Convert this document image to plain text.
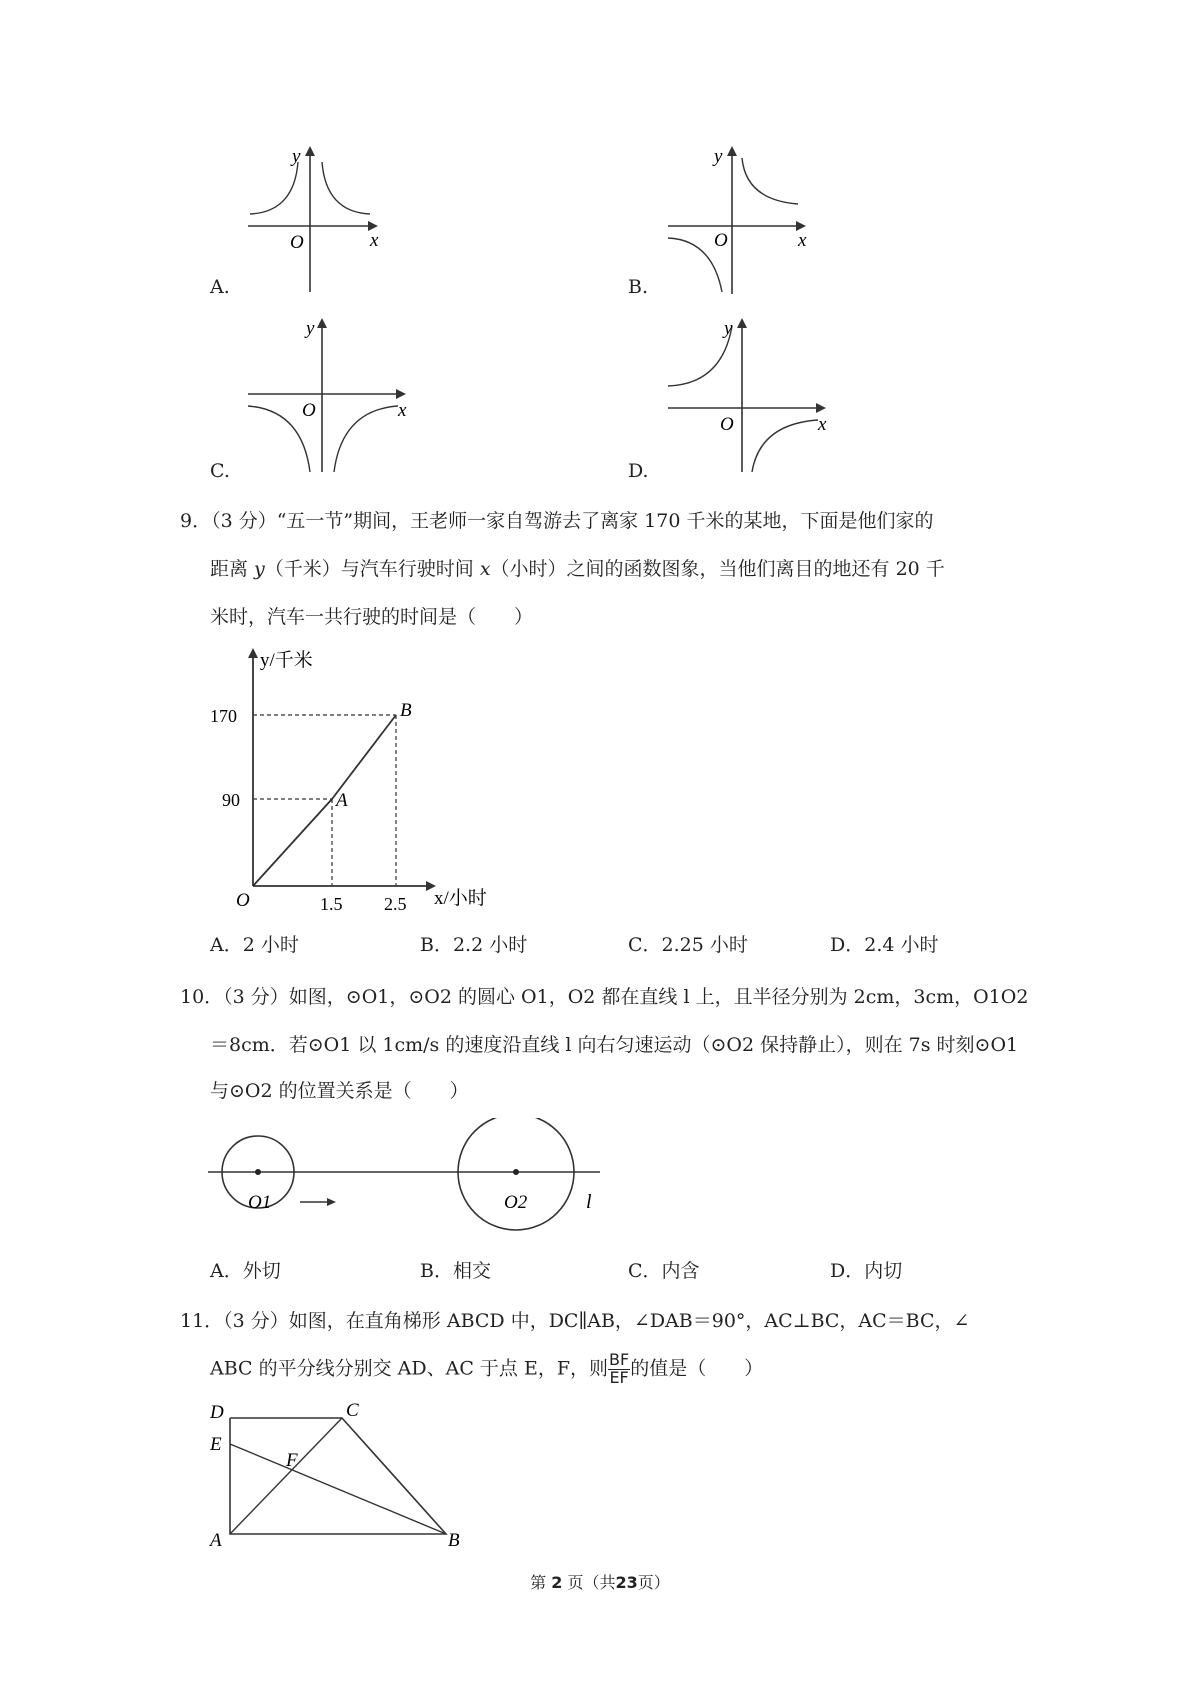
y
x
O
A.
y
x
O
B.
y
x
O
C.
y
x
O
D.
9．（3 分）“五一节”期间，王老师一家自驾游去了离家 170 千米的某地，下面是他们家的
距离 y（千米）与汽车行驶时间 x（小时）之间的函数图象，当他们离目的地还有 20 千
米时，汽车一共行驶的时间是（　　）
y/千米
x/小时
O
A
B
170
90
1.5 2.5
A．2 小时	B．2.2 小时	C．2.25 小时	D．2.4 小时
10．（3 分）如图，⊙O1，⊙O2 的圆心 O1，O2 都在直线 l 上，且半径分别为 2cm，3cm，O1O2
＝8cm．若⊙O1 以 1cm/s 的速度沿直线 l 向右匀速运动（⊙O2 保持静止），则在 7s 时刻⊙O1
与⊙O2 的位置关系是（　　）
O1	O2	l
A．外切	B．相交	C．内含	D．内切
11．（3 分）如图，在直角梯形 ABCD 中，DC∥AB，∠DAB＝90°，AC⊥BC，AC＝BC，∠
ABC 的平分线分别交 AD、AC 于点 E，F，则 $\frac{BF}{EF}$ 的值是（　　）
D	C
E
F
A	B
第 2 页（共23页）
